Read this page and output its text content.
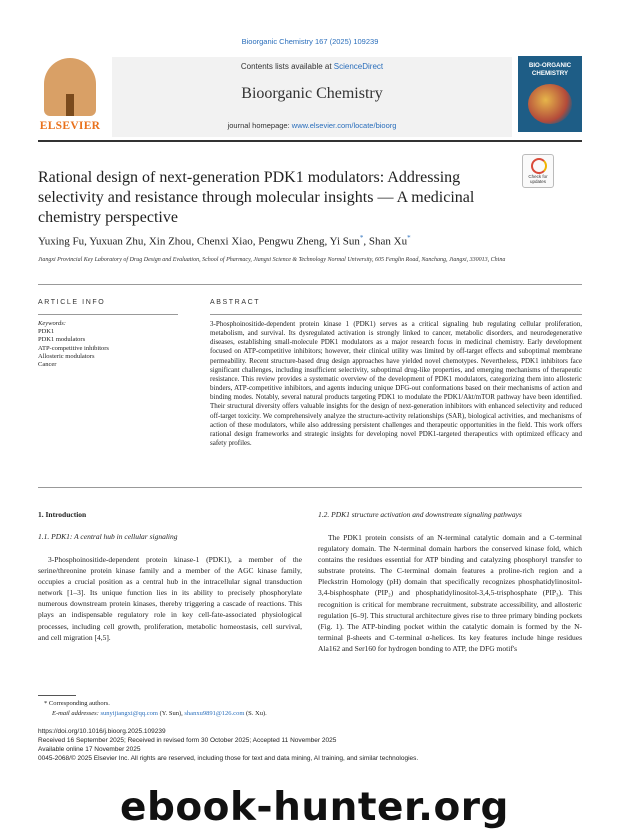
Bioorganic Chemistry 167 (2025) 109239
ELSEVIER
Contents lists available at ScienceDirect
Bioorganic Chemistry
journal homepage: www.elsevier.com/locate/bioorg
BIO-ORGANIC CHEMISTRY
Check for updates
Rational design of next-generation PDK1 modulators: Addressing selectivity and resistance through molecular insights — A medicinal chemistry perspective
Yuxing Fu, Yuxuan Zhu, Xin Zhou, Chenxi Xiao, Pengwu Zheng, Yi Sun*, Shan Xu*
Jiangxi Provincial Key Laboratory of Drug Design and Evaluation, School of Pharmacy, Jiangxi Science & Technology Normal University, 605 Fenglin Road, Nanchang, Jiangxi, 330013, China
ARTICLE INFO	ABSTRACT
Keywords:
PDK1
PDK1 modulators
ATP-competitive inhibitors
Allosteric modulators
Cancer
3-Phosphoinositide-dependent protein kinase 1 (PDK1) serves as a critical signaling hub regulating cellular proliferation, metabolism, and survival. Its dysregulated activation is strongly linked to cancer, metabolic disorders, and neurodegenerative diseases, establishing small-molecule PDK1 modulators as a major research focus in medicinal chemistry. Early development focused on ATP-competitive inhibitors; however, their clinical utility was limited by off-target effects and suboptimal membrane permeability. Recent structure-based drug design approaches have yielded novel chemotypes. Nevertheless, PDK1 inhibitors face significant challenges, including insufficient selectivity, suboptimal drug-like properties, and emerging mechanisms of therapeutic resistance. This review provides a systematic overview of the development of PDK1 modulators, categorizing them into allosteric binders, ATP-competitive inhibitors, and agents inducing unique DFG-out conformations based on their mechanisms of action and binding modes. Notably, several natural products targeting PDK1 to modulate the PDK1/Akt/mTOR pathway have been identified. Their structural diversity offers valuable insights for the design of next-generation inhibitors with enhanced selectivity and reduced off-target toxicity. We comprehensively analyze the structure-activity relationships (SAR), biological activities, and mechanisms of action of these modulators, while also addressing persistent challenges and therapeutic opportunities in the field. This work offers rational design frameworks and strategic insights for developing novel PDK1-targeted therapeutics with optimized efficacy and safety profiles.
1. Introduction
1.1. PDK1: A central hub in cellular signaling
3-Phosphoinositide-dependent protein kinase-1 (PDK1), a member of the serine/threonine protein kinase family and a member of the AGC kinase family, occupies a crucial position as a central hub in the intracellular signal transduction network [1–3]. Its unique function lies in its ability to precisely phosphorylate numerous downstream protein kinases, thereby triggering a cascade of reactions. This plays an indispensable regulatory role in key cell-fate-associated physiological processes, including cell growth, proliferation, metabolic homeostasis, cell survival, and cell migration [4,5].
1.2. PDK1 structure activation and downstream signaling pathways
The PDK1 protein consists of an N-terminal catalytic domain and a C-terminal regulatory domain. The N-terminal domain harbors the conserved kinase fold, which contains the residues essential for ATP binding and catalyzing phosphoryl transfer to substrate proteins. The C-terminal domain features a proline-rich region and a Pleckstrin Homology (pH) domain that specifically recognizes phosphatidylinositol-3,4-bisphosphate (PIP₂) and phosphatidylinositol-3,4,5-trisphosphate (PIP₃). This recognition is critical for membrane recruitment, substrate accessibility, and allosteric regulation [6–9]. This structural architecture gives rise to three primary binding pockets (Fig. 1). The ATP-binding pocket within the catalytic domain is formed by the N-terminal β-sheets and C-terminal α-helices. Its key features include hinge residues Ala162 and Ser160 for hydrogen bonding to ATP, the DFG motif's
* Corresponding authors.
E-mail addresses: sunyijiangxi@qq.com (Y. Sun), shanxu9891@126.com (S. Xu).
https://doi.org/10.1016/j.bioorg.2025.109239
Received 16 September 2025; Received in revised form 30 October 2025; Accepted 11 November 2025
Available online 17 November 2025
0045-2068/© 2025 Elsevier Inc. All rights are reserved, including those for text and data mining, AI training, and similar technologies.
ebook-hunter.org
